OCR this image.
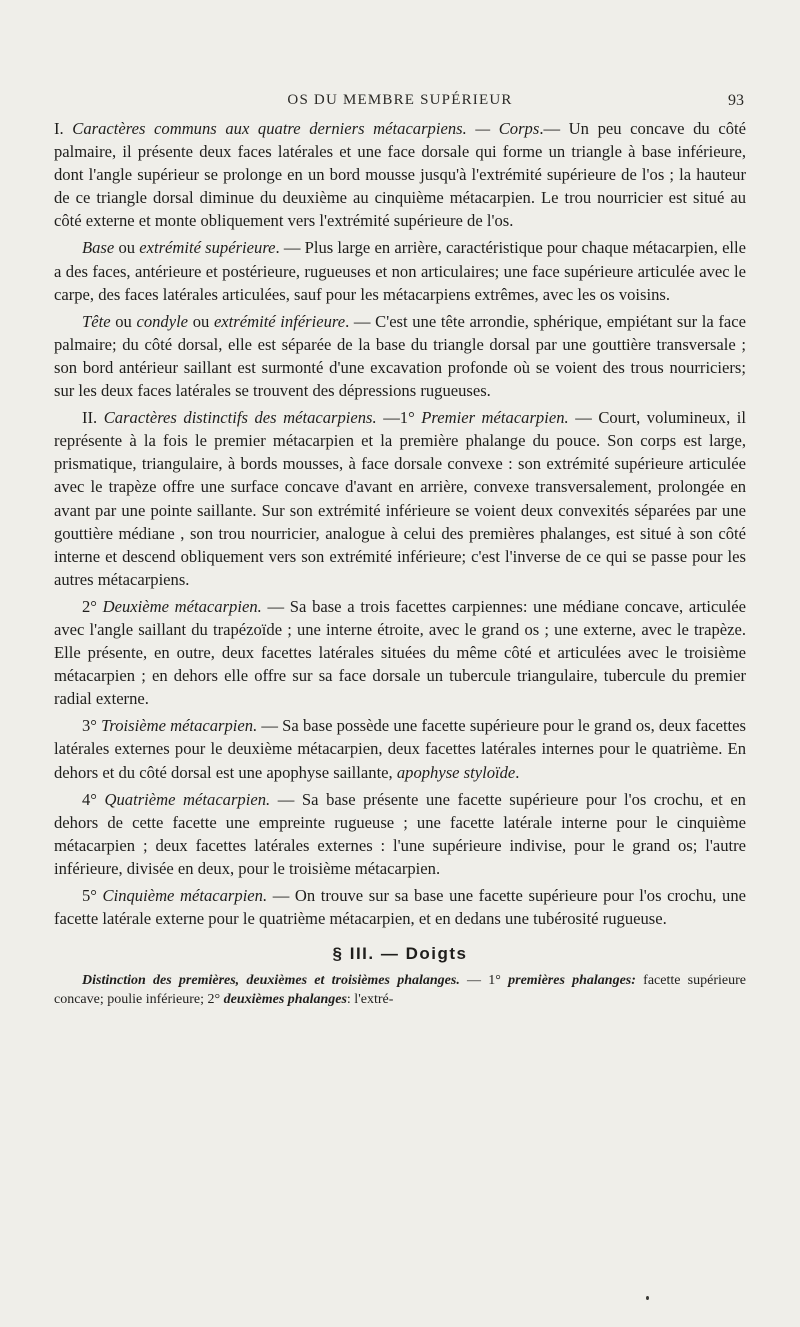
OS DU MEMBRE SUPÉRIEUR	93

I. Caractères communs aux quatre derniers métacarpiens. — Corps.— Un peu concave du côté palmaire, il présente deux faces latérales et une face dorsale qui forme un triangle à base inférieure, dont l'angle supérieur se prolonge en un bord mousse jusqu'à l'extrémité supérieure de l'os ; la hauteur de ce triangle dorsal diminue du deuxième au cinquième métacarpien. Le trou nourricier est situé au côté externe et monte obliquement vers l'extrémité supérieure de l'os.

Base ou extrémité supérieure. — Plus large en arrière, caractéristique pour chaque métacarpien, elle a des faces, antérieure et postérieure, rugueuses et non articulaires; une face supérieure articulée avec le carpe, des faces latérales articulées, sauf pour les métacarpiens extrêmes, avec les os voisins.

Tête ou condyle ou extrémité inférieure. — C'est une tête arrondie, sphérique, empiétant sur la face palmaire; du côté dorsal, elle est séparée de la base du triangle dorsal par une gouttière transversale ; son bord antérieur saillant est surmonté d'une excavation profonde où se voient des trous nourriciers; sur les deux faces latérales se trouvent des dépressions rugueuses.

II. Caractères distinctifs des métacarpiens. —1° Premier métacarpien. — Court, volumineux, il représente à la fois le premier métacarpien et la première phalange du pouce. Son corps est large, prismatique, triangulaire, à bords mousses, à face dorsale convexe : son extrémité supérieure articulée avec le trapèze offre une surface concave d'avant en arrière, convexe transversalement, prolongée en avant par une pointe saillante. Sur son extrémité inférieure se voient deux convexités séparées par une gouttière médiane , son trou nourricier, analogue à celui des premières phalanges, est situé à son côté interne et descend obliquement vers son extrémité inférieure; c'est l'inverse de ce qui se passe pour les autres métacarpiens.

2° Deuxième métacarpien. — Sa base a trois facettes carpiennes: une médiane concave, articulée avec l'angle saillant du trapézoïde ; une interne étroite, avec le grand os ; une externe, avec le trapèze. Elle présente, en outre, deux facettes latérales situées du même côté et articulées avec le troisième métacarpien ; en dehors elle offre sur sa face dorsale un tubercule triangulaire, tubercule du premier radial externe.

3° Troisième métacarpien. — Sa base possède une facette supérieure pour le grand os, deux facettes latérales externes pour le deuxième métacarpien, deux facettes latérales internes pour le quatrième. En dehors et du côté dorsal est une apophyse saillante, apophyse styloïde.

4° Quatrième métacarpien. — Sa base présente une facette supérieure pour l'os crochu, et en dehors de cette facette une empreinte rugueuse ; une facette latérale interne pour le cinquième métacarpien ; deux facettes latérales externes : l'une supérieure indivise, pour le grand os; l'autre inférieure, divisée en deux, pour le troisième métacarpien.

5° Cinquième métacarpien. — On trouve sur sa base une facette supérieure pour l'os crochu, une facette latérale externe pour le quatrième métacarpien, et en dedans une tubérosité rugueuse.

§ III. — Doigts

Distinction des premières, deuxièmes et troisièmes phalanges. — 1° premières phalanges: facette supérieure concave; poulie inférieure; 2° deuxièmes phalanges: l'extré-
